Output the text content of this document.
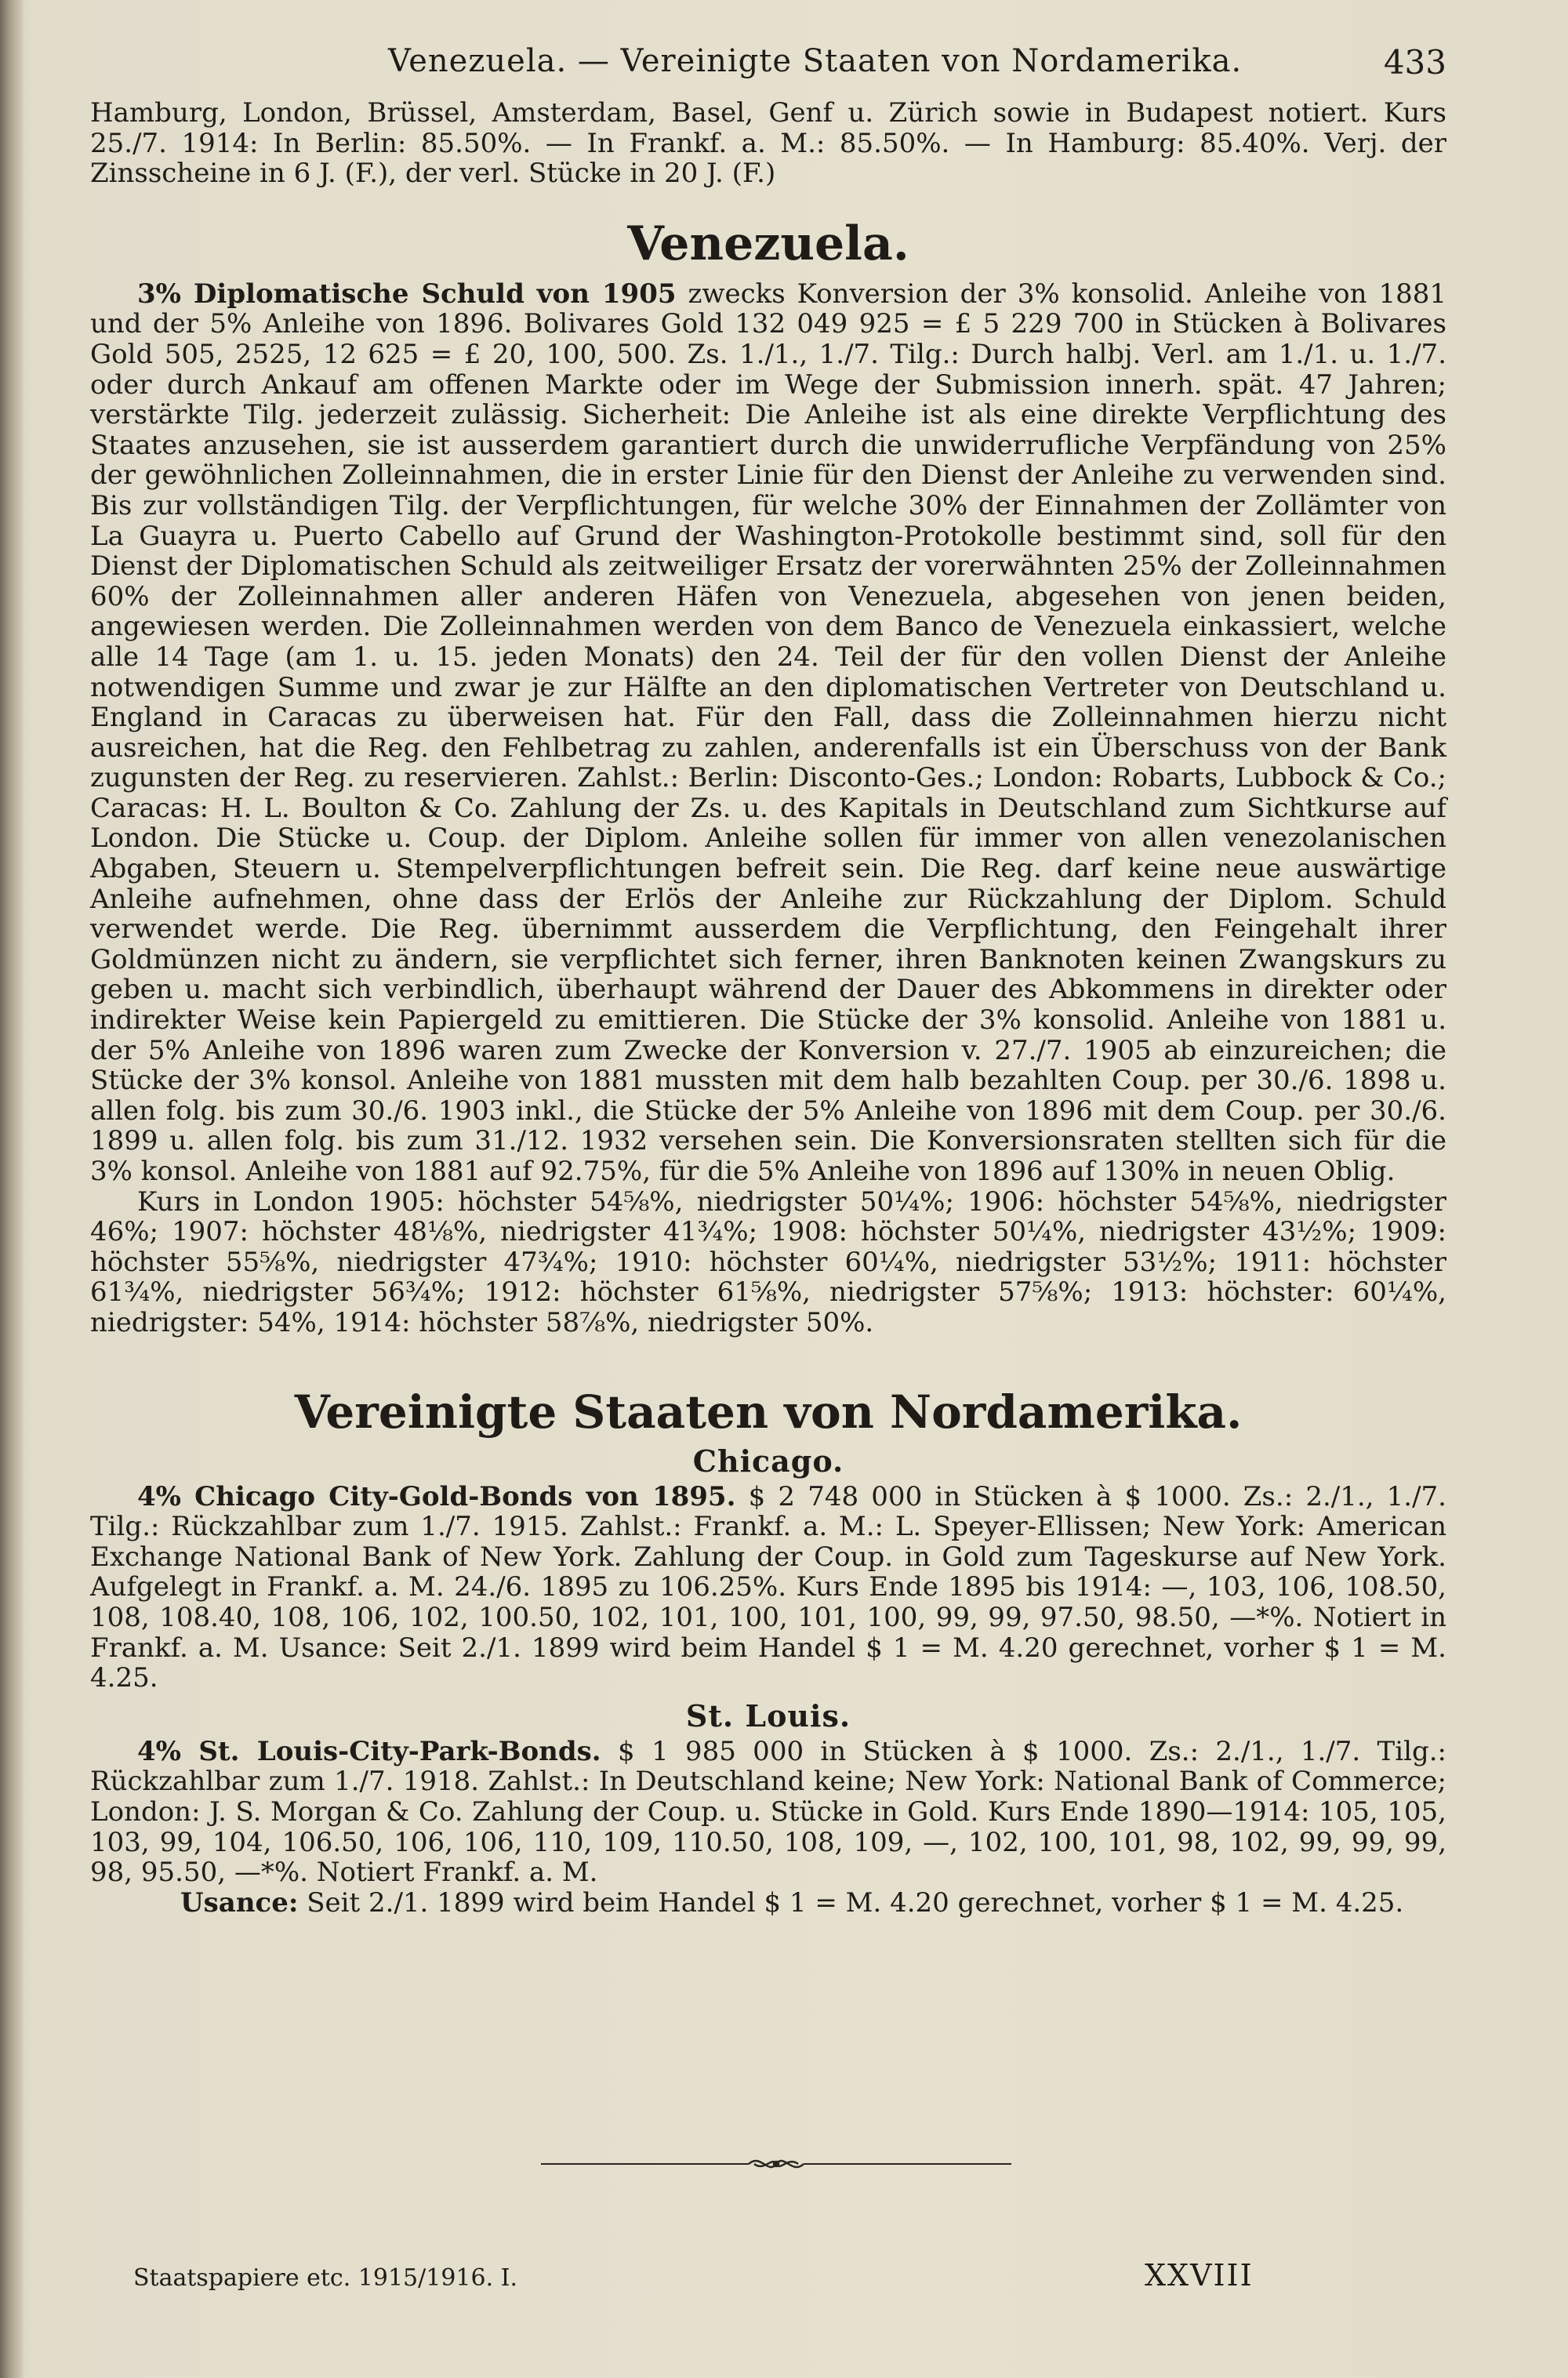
Venezuela. — Vereinigte Staaten von Nordamerika.	433

Hamburg, London, Brüssel, Amsterdam, Basel, Genf u. Zürich sowie in Budapest notiert. Kurs 25./7. 1914: In Berlin: 85.50%. — In Frankf. a. M.: 85.50%. — In Hamburg: 85.40%. Verj. der Zinsscheine in 6 J. (F.), der verl. Stücke in 20 J. (F.)

Venezuela.

3% Diplomatische Schuld von 1905 zwecks Konversion der 3% konsolid. Anleihe von 1881 und der 5% Anleihe von 1896. Bolivares Gold 132 049 925 = £ 5 229 700 in Stücken à Bolivares Gold 505, 2525, 12 625 = £ 20, 100, 500. Zs. 1./1., 1./7. Tilg.: Durch halbj. Verl. am 1./1. u. 1./7. oder durch Ankauf am offenen Markte oder im Wege der Submission innerh. spät. 47 Jahren; verstärkte Tilg. jederzeit zulässig. Sicherheit: Die Anleihe ist als eine direkte Verpflichtung des Staates anzusehen, sie ist ausserdem garantiert durch die unwiderrufliche Verpfändung von 25% der gewöhnlichen Zolleinnahmen, die in erster Linie für den Dienst der Anleihe zu verwenden sind. Bis zur vollständigen Tilg. der Verpflichtungen, für welche 30% der Einnahmen der Zollämter von La Guayra u. Puerto Cabello auf Grund der Washington-Protokolle bestimmt sind, soll für den Dienst der Diplomatischen Schuld als zeitweiliger Ersatz der vorerwähnten 25% der Zolleinnahmen 60% der Zolleinnahmen aller anderen Häfen von Venezuela, abgesehen von jenen beiden, angewiesen werden. Die Zolleinnahmen werden von dem Banco de Venezuela einkassiert, welche alle 14 Tage (am 1. u. 15. jeden Monats) den 24. Teil der für den vollen Dienst der Anleihe notwendigen Summe und zwar je zur Hälfte an den diplomatischen Vertreter von Deutschland u. England in Caracas zu überweisen hat. Für den Fall, dass die Zolleinnahmen hierzu nicht ausreichen, hat die Reg. den Fehlbetrag zu zahlen, anderenfalls ist ein Überschuss von der Bank zugunsten der Reg. zu reservieren. Zahlst.: Berlin: Disconto-Ges.; London: Robarts, Lubbock & Co.; Caracas: H. L. Boulton & Co. Zahlung der Zs. u. des Kapitals in Deutschland zum Sichtkurse auf London. Die Stücke u. Coup. der Diplom. Anleihe sollen für immer von allen venezolanischen Abgaben, Steuern u. Stempelverpflichtungen befreit sein. Die Reg. darf keine neue auswärtige Anleihe aufnehmen, ohne dass der Erlös der Anleihe zur Rückzahlung der Diplom. Schuld verwendet werde. Die Reg. übernimmt ausserdem die Verpflichtung, den Feingehalt ihrer Goldmünzen nicht zu ändern, sie verpflichtet sich ferner, ihren Banknoten keinen Zwangskurs zu geben u. macht sich verbindlich, überhaupt während der Dauer des Abkommens in direkter oder indirekter Weise kein Papiergeld zu emittieren. Die Stücke der 3% konsolid. Anleihe von 1881 u. der 5% Anleihe von 1896 waren zum Zwecke der Konversion v. 27./7. 1905 ab einzureichen; die Stücke der 3% konsol. Anleihe von 1881 mussten mit dem halb bezahlten Coup. per 30./6. 1898 u. allen folg. bis zum 30./6. 1903 inkl., die Stücke der 5% Anleihe von 1896 mit dem Coup. per 30./6. 1899 u. allen folg. bis zum 31./12. 1932 versehen sein. Die Konversionsraten stellten sich für die 3% konsol. Anleihe von 1881 auf 92.75%, für die 5% Anleihe von 1896 auf 130% in neuen Oblig.

Kurs in London 1905: höchster 54⅝%, niedrigster 50¼%; 1906: höchster 54⅝%, niedrigster 46%; 1907: höchster 48⅛%, niedrigster 41¾%; 1908: höchster 50¼%, niedrigster 43½%; 1909: höchster 55⅝%, niedrigster 47¾%; 1910: höchster 60¼%, niedrigster 53½%; 1911: höchster 61¾%, niedrigster 56¾%; 1912: höchster 61⅝%, niedrigster 57⅝%; 1913: höchster: 60¼%, niedrigster: 54%, 1914: höchster 58⅞%, niedrigster 50%.

Vereinigte Staaten von Nordamerika.
Chicago.

4% Chicago City-Gold-Bonds von 1895. $ 2 748 000 in Stücken à $ 1000. Zs.: 2./1., 1./7. Tilg.: Rückzahlbar zum 1./7. 1915. Zahlst.: Frankf. a. M.: L. Speyer-Ellissen; New York: American Exchange National Bank of New York. Zahlung der Coup. in Gold zum Tageskurse auf New York. Aufgelegt in Frankf. a. M. 24./6. 1895 zu 106.25%. Kurs Ende 1895 bis 1914: —, 103, 106, 108.50, 108, 108.40, 108, 106, 102, 100.50, 102, 101, 100, 101, 100, 99, 99, 97.50, 98.50, —*%. Notiert in Frankf. a. M. Usance: Seit 2./1. 1899 wird beim Handel $ 1 = M. 4.20 gerechnet, vorher $ 1 = M. 4.25.

St. Louis.

4% St. Louis-City-Park-Bonds. $ 1 985 000 in Stücken à $ 1000. Zs.: 2./1., 1./7. Tilg.: Rückzahlbar zum 1./7. 1918. Zahlst.: In Deutschland keine; New York: National Bank of Commerce; London: J. S. Morgan & Co. Zahlung der Coup. u. Stücke in Gold. Kurs Ende 1890—1914: 105, 105, 103, 99, 104, 106.50, 106, 106, 110, 109, 110.50, 108, 109, —, 102, 100, 101, 98, 102, 99, 99, 99, 98, 95.50, —*%. Notiert Frankf. a. M.

Usance: Seit 2./1. 1899 wird beim Handel $ 1 = M. 4.20 gerechnet, vorher $ 1 = M. 4.25.

Staatspapiere etc. 1915/1916. I.	XXVIII
